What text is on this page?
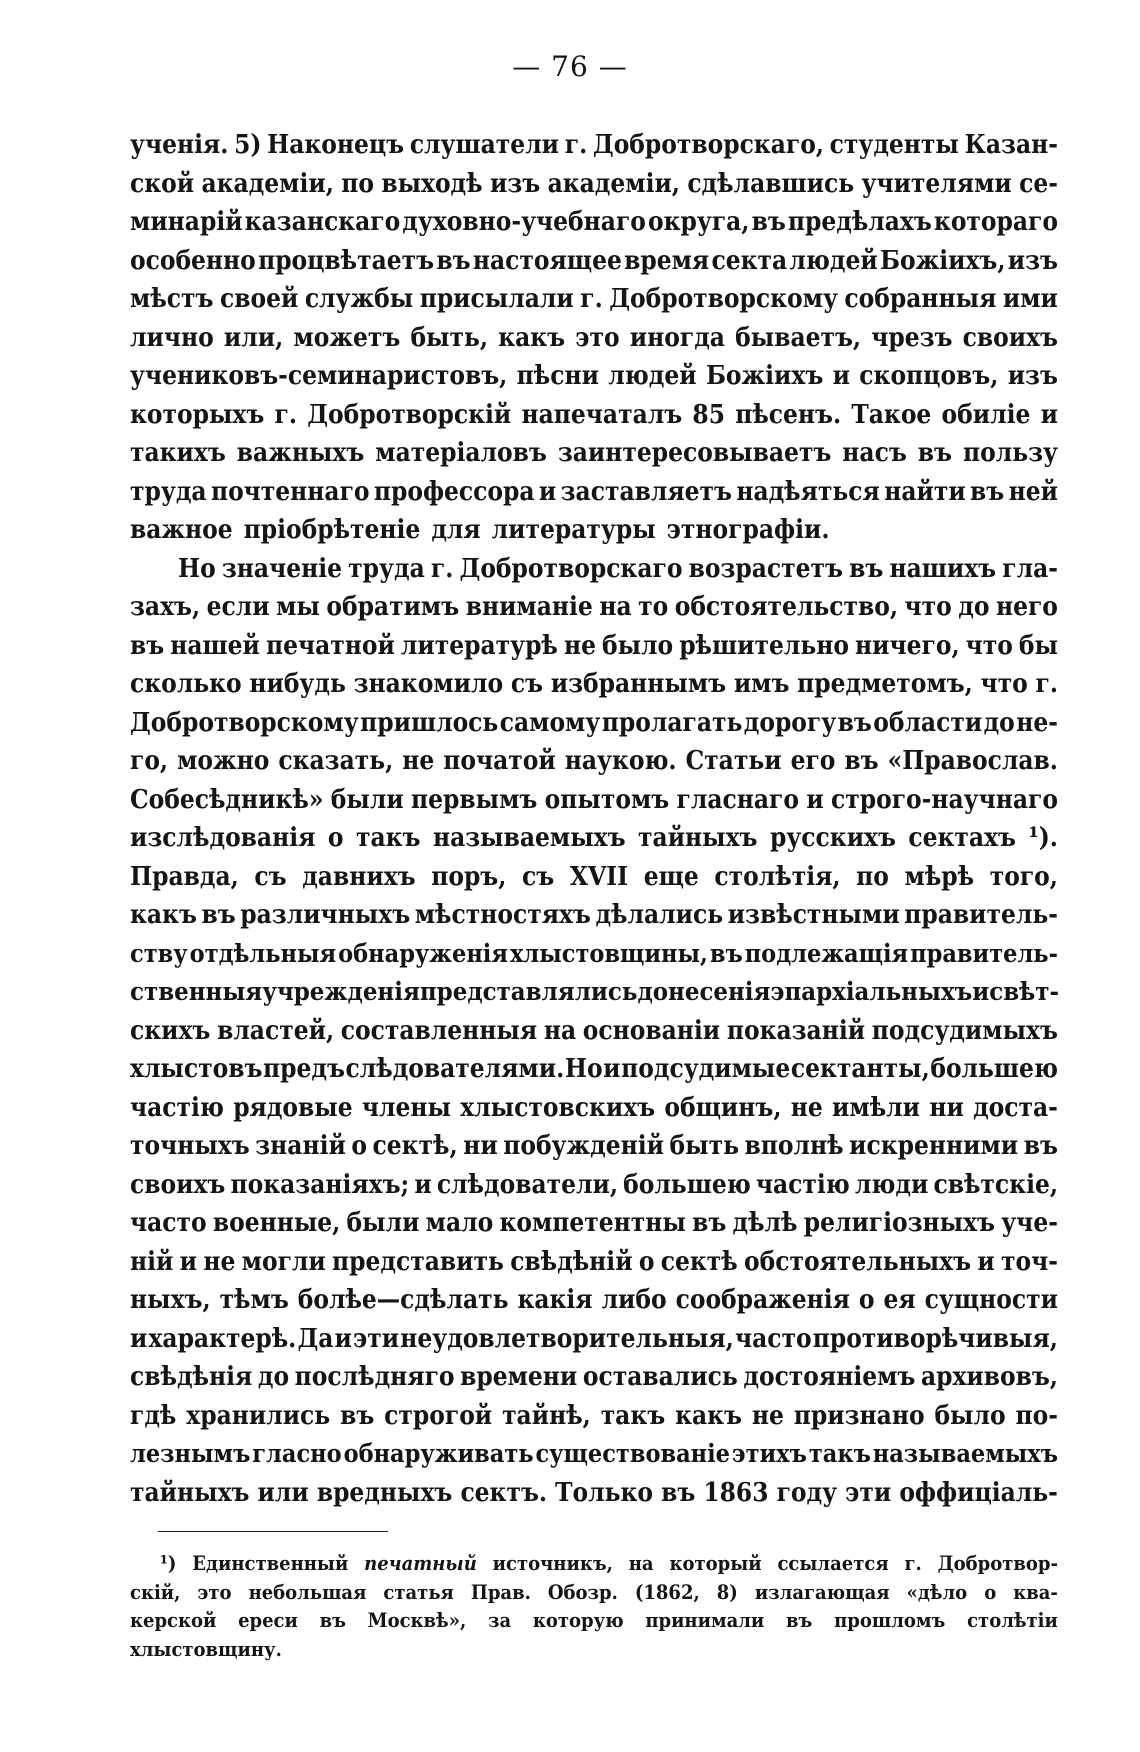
— 76 —
ученія. 5) Наконецъ слушатели г. Добротворскаго, студенты Казан-
ской академіи, по выходѣ изъ академіи, сдѣлавшись учителями се-
минарій казанскаго духовно-учебнаго округа, въ предѣлахъ котораго
особенно процвѣтаетъ въ настоящее время секта людей Божіихъ, изъ
мѣстъ своей службы присылали г. Добротворскому собранныя ими
лично или, можетъ быть, какъ это иногда бываетъ, чрезъ своихъ
учениковъ-семинаристовъ, пѣсни людей Божіихъ и скопцовъ, изъ
которыхъ г. Добротворскій напечаталъ 85 пѣсенъ. Такое обиліе и
такихъ важныхъ матеріаловъ заинтересовываетъ насъ въ пользу
труда почтеннаго профессора и заставляетъ надѣяться найти въ ней
важное пріобрѣтеніе для литературы этнографіи.
Но значеніе труда г. Добротворскаго возрастетъ въ нашихъ гла-
захъ, если мы обратимъ вниманіе на то обстоятельство, что до него
въ нашей печатной литературѣ не было рѣшительно ничего, что бы
сколько нибудь знакомило съ избраннымъ имъ предметомъ, что г.
Добротворскому пришлось самому пролагать дорогу въ области до не-
го, можно сказать, не початой наукою. Статьи его въ «Православ.
Собесѣдникѣ» были первымъ опытомъ гласнаго и строго-научнаго
изслѣдованія о такъ называемыхъ тайныхъ русскихъ сектахъ ¹).
Правда, съ давнихъ поръ, съ XVII еще столѣтія, по мѣрѣ того,
какъ въ различныхъ мѣстностяхъ дѣлались извѣстными правитель-
ству отдѣльныя обнаруженія хлыстовщины, въ подлежащія правитель-
ственныя учрежденія представлялись донесенія эпархіальныхъ и свѣт-
скихъ властей, составленныя на основаніи показаній подсудимыхъ
хлыстовъ предъ слѣдователями. Но и подсудимые сектанты, большею
частію рядовые члены хлыстовскихъ общинъ, не имѣли ни доста-
точныхъ знаній о сектѣ, ни побужденій быть вполнѣ искренними въ
своихъ показаніяхъ; и слѣдователи, большею частію люди свѣтскіе,
часто военные, были мало компетентны въ дѣлѣ религіозныхъ уче-
ній и не могли представить свѣдѣній о сектѣ обстоятельныхъ и точ-
ныхъ, тѣмъ болѣе—сдѣлать какія либо соображенія о ея сущности
и характерѣ. Да и эти неудовлетворительныя, часто противорѣчивыя,
свѣдѣнія до послѣдняго времени оставались достояніемъ архивовъ,
гдѣ хранились въ строгой тайнѣ, такъ какъ не признано было по-
лезнымъ гласно обнаруживать существованіе этихъ такъ называемыхъ
тайныхъ или вредныхъ сектъ. Только въ 1863 году эти оффиціаль-
¹) Единственный печатный источникъ, на который ссылается г. Добротвор-
скій, это небольшая статья Прав. Обозр. (1862, 8) излагающая «дѣло о ква-
керской ереси въ Москвѣ», за которую принимали въ прошломъ столѣтіи
хлыстовщину.
